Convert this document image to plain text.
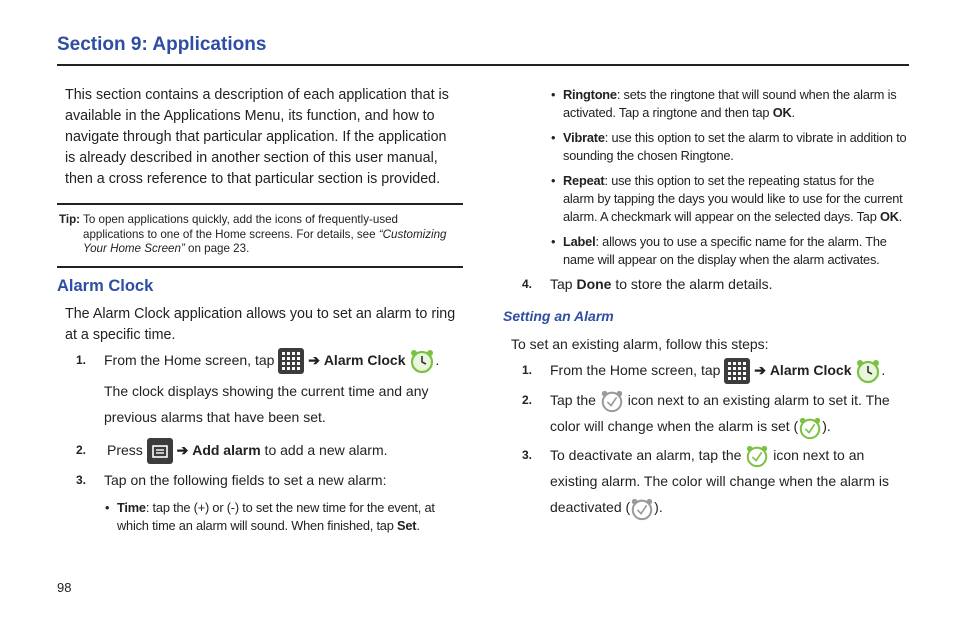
Section 9: Applications
This section contains a description of each application that is available in the Applications Menu, its function, and how to navigate through that particular application. If the application is already described in another section of this user manual, then a cross reference to that particular section is provided.
Tip: To open applications quickly, add the icons of frequently-used
applications to one of the Home screens. For details, see “Customizing
Your Home Screen” on page 23.
Alarm Clock
The Alarm Clock application allows you to set an alarm to ring at a specific time.
1. From the Home screen, tap ➔ Alarm Clock .
The clock displays showing the current time and any previous alarms that have been set.
2. Press ➔ Add alarm to add a new alarm.
3. Tap on the following fields to set a new alarm:
• Time: tap the (+) or (-) to set the new time for the event, at which time an alarm will sound. When finished, tap Set.
• Ringtone: sets the ringtone that will sound when the alarm is activated. Tap a ringtone and then tap OK.
• Vibrate: use this option to set the alarm to vibrate in addition to sounding the chosen Ringtone.
• Repeat: use this option to set the repeating status for the alarm by tapping the days you would like to use for the current alarm. A checkmark will appear on the selected days. Tap OK.
• Label: allows you to use a specific name for the alarm. The name will appear on the display when the alarm activates.
4. Tap Done to store the alarm details.
Setting an Alarm
To set an existing alarm, follow this steps:
1. From the Home screen, tap ➔ Alarm Clock .
2. Tap the icon next to an existing alarm to set it. The color will change when the alarm is set ( ).
3. To deactivate an alarm, tap the icon next to an existing alarm. The color will change when the alarm is deactivated ( ).
98
